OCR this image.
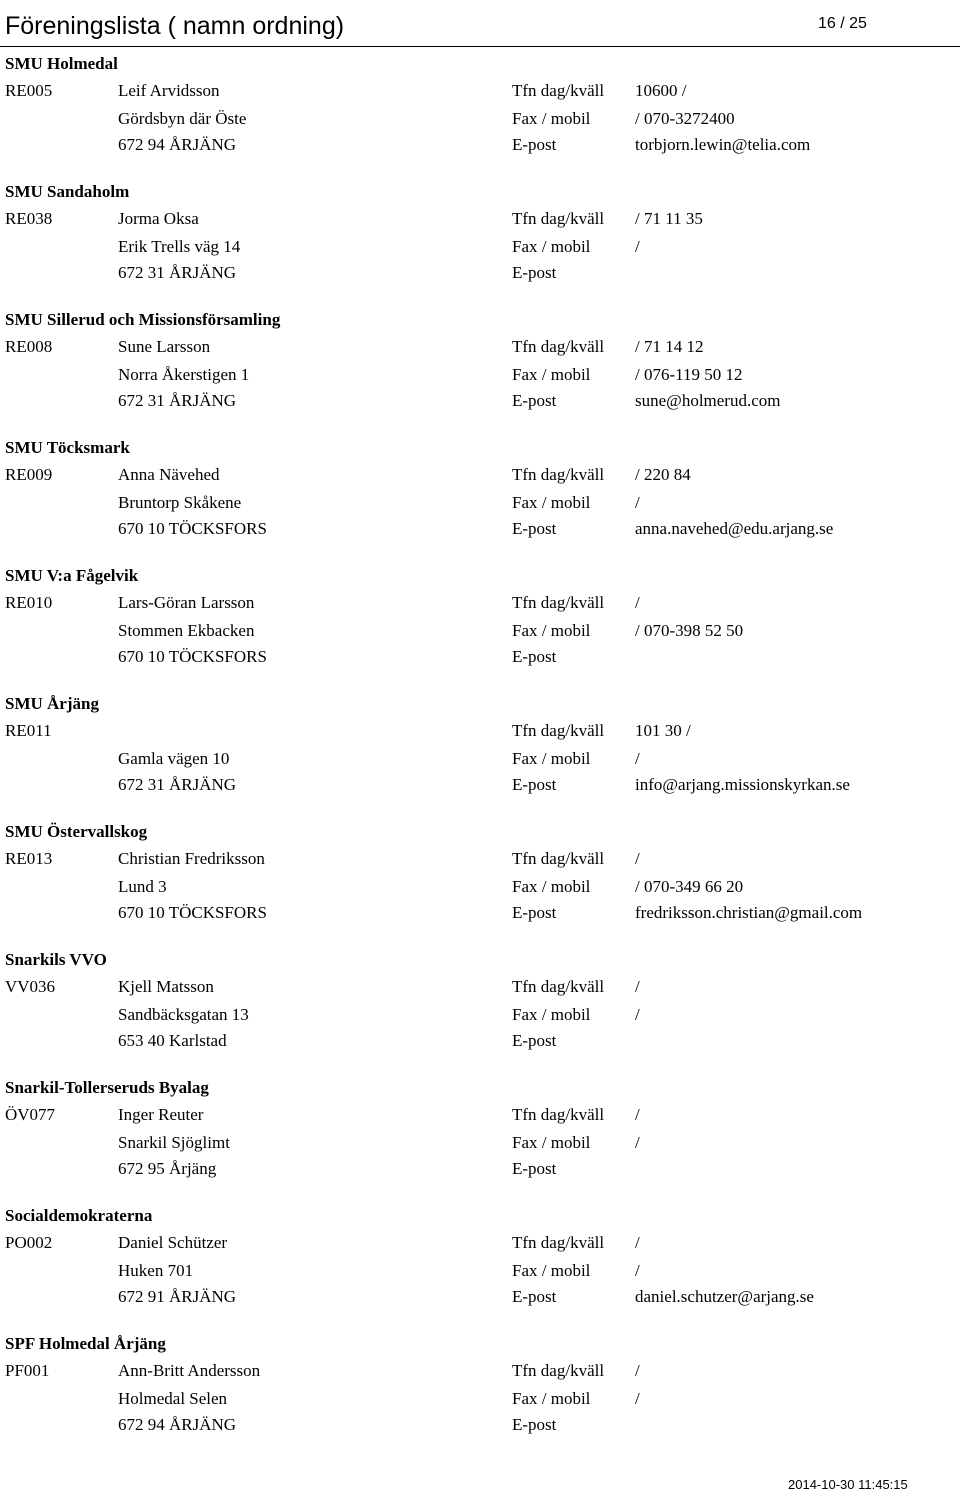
Föreningslista ( namn ordning)	16 / 25
SMU Holmedal
RE005	Leif Arvidsson	Tfn dag/kväll 10600 /
Gördsbyn där Öste	Fax / mobil	/ 070-3272400
672 94 ÅRJÄNG	E-post	torbjorn.lewin@telia.com
SMU Sandaholm
RE038	Jorma Oksa	Tfn dag/kväll / 71 11 35
Erik Trells väg 14	Fax / mobil	/
672 31 ÅRJÄNG	E-post
SMU Sillerud och Missionsförsamling
RE008	Sune Larsson	Tfn dag/kväll / 71 14 12
Norra Åkerstigen 1	Fax / mobil	/ 076-119 50 12
672 31 ÅRJÄNG	E-post	sune@holmerud.com
SMU Töcksmark
RE009	Anna Nävehed	Tfn dag/kväll / 220 84
Bruntorp Skåkene	Fax / mobil	/
670 10 TÖCKSFORS	E-post	anna.navehed@edu.arjang.se
SMU V:a Fågelvik
RE010	Lars-Göran Larsson	Tfn dag/kväll /
Stommen Ekbacken	Fax / mobil	/ 070-398 52 50
670 10 TÖCKSFORS	E-post
SMU Årjäng
RE011	Tfn dag/kväll 101 30 /
Gamla vägen 10	Fax / mobil	/
672 31 ÅRJÄNG	E-post	info@arjang.missionskyrkan.se
SMU Östervallskog
RE013	Christian Fredriksson	Tfn dag/kväll /
Lund 3	Fax / mobil	/ 070-349 66 20
670 10 TÖCKSFORS	E-post	fredriksson.christian@gmail.com
Snarkils VVO
VV036	Kjell Matsson	Tfn dag/kväll /
Sandbäcksgatan 13	Fax / mobil	/
653 40 Karlstad	E-post
Snarkil-Tollerseruds Byalag
ÖV077	Inger Reuter	Tfn dag/kväll /
Snarkil Sjöglimt	Fax / mobil	/
672 95 Årjäng	E-post
Socialdemokraterna
PO002	Daniel Schützer	Tfn dag/kväll /
Huken 701	Fax / mobil	/
672 91 ÅRJÄNG	E-post	daniel.schutzer@arjang.se
SPF Holmedal Årjäng
PF001	Ann-Britt Andersson	Tfn dag/kväll /
Holmedal Selen	Fax / mobil	/
672 94 ÅRJÄNG	E-post
2014-10-30 11:45:15
